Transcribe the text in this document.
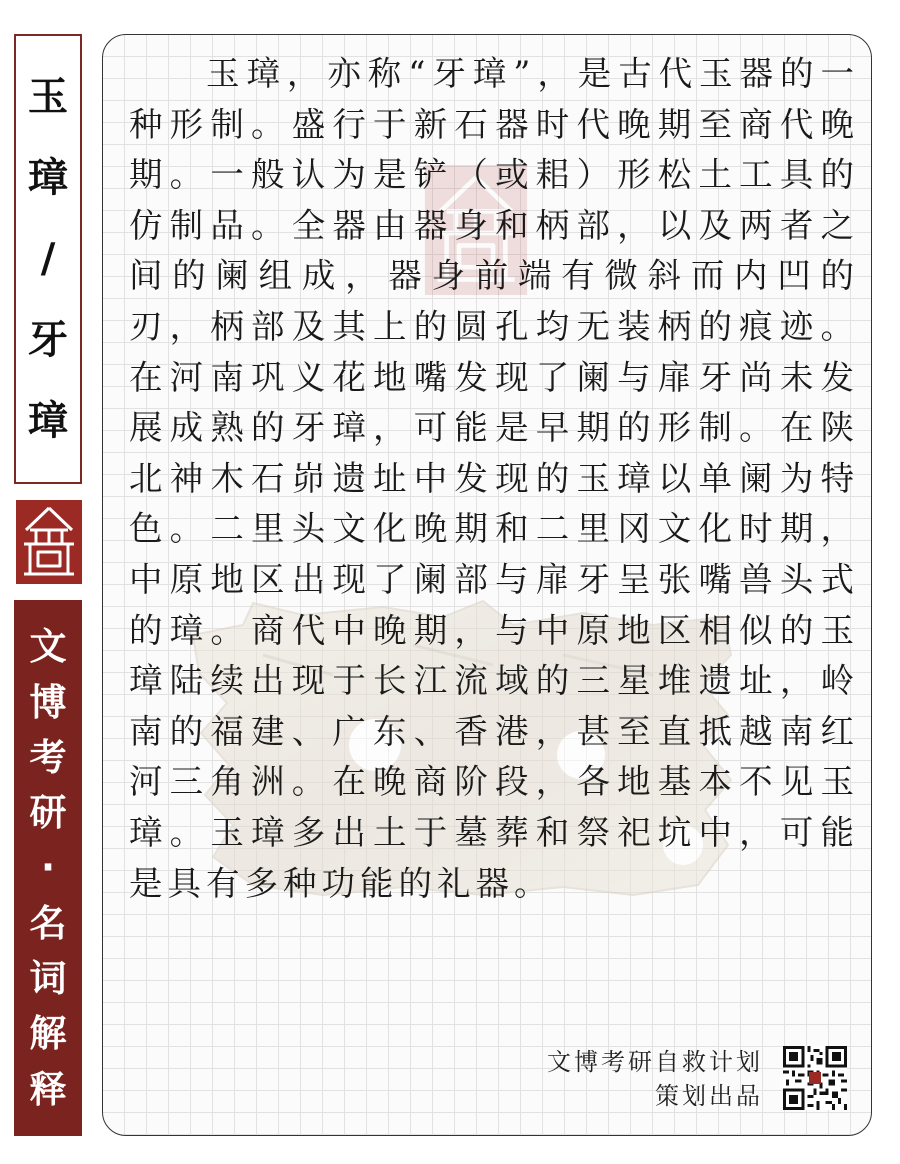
玉
璋
/
牙
璋
文
博
考
研
·
名
词
解
释
玉璋，亦称“牙璋”，是古代玉器的一种形制。盛行于新石器时代晚期至商代晚期。一般认为是铲（或耜）形松土工具的仿制品。全器由器身和柄部，以及两者之间的阑组成，器身前端有微斜而内凹的刃，柄部及其上的圆孔均无装柄的痕迹。在河南巩义花地嘴发现了阑与扉牙尚未发展成熟的牙璋，可能是早期的形制。在陕北神木石峁遗址中发现的玉璋以单阑为特色。二里头文化晚期和二里冈文化时期，中原地区出现了阑部与扉牙呈张嘴兽头式的璋。商代中晚期，与中原地区相似的玉璋陆续出现于长江流域的三星堆遗址，岭南的福建、广东、香港，甚至直抵越南红河三角洲。在晚商阶段，各地基本不见玉璋。玉璋多出土于墓葬和祭祀坑中，可能是具有多种功能的礼器。
文博考研自救计划
策划出品
